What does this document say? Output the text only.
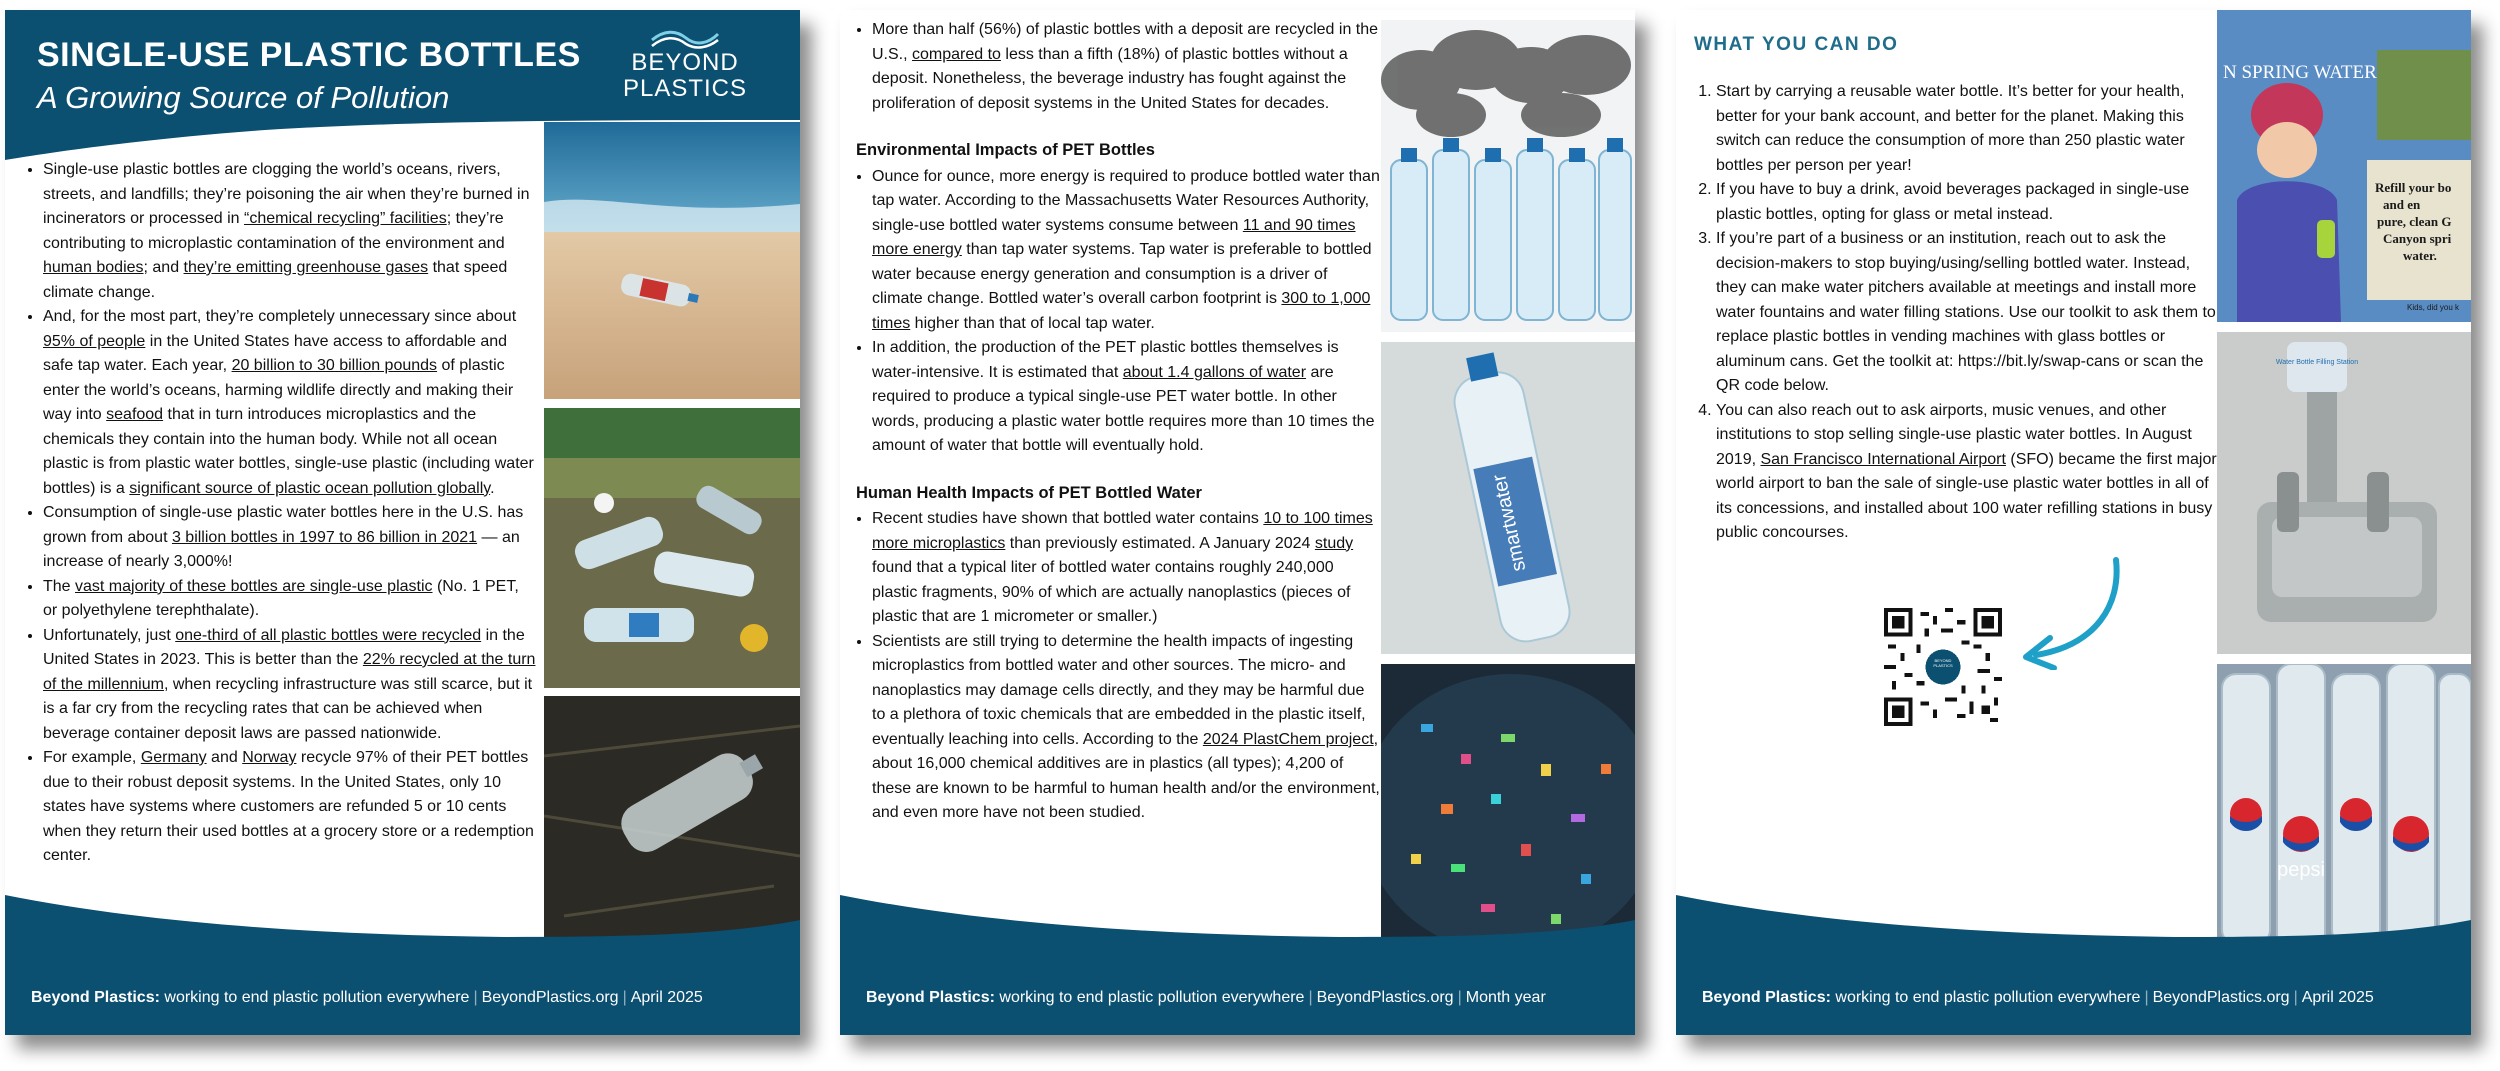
SINGLE-USE PLASTIC BOTTLES
A Growing Source of Pollution
BEYOND
PLASTICS
• Single-use plastic bottles are clogging the world’s oceans, rivers, streets, and landfills; they’re poisoning the air when they’re burned in incinerators or processed in “chemical recycling” facilities; they’re contributing to microplastic contamination of the environment and human bodies; and they’re emitting greenhouse gases that speed climate change.
• And, for the most part, they’re completely unnecessary since about 95% of people in the United States have access to affordable and safe tap water. Each year, 20 billion to 30 billion pounds of plastic enter the world’s oceans, harming wildlife directly and making their way into seafood that in turn introduces microplastics and the chemicals they contain into the human body. While not all ocean plastic is from plastic water bottles, single-use plastic (including water bottles) is a significant source of plastic ocean pollution globally.
• Consumption of single-use plastic water bottles here in the U.S. has grown from about 3 billion bottles in 1997 to 86 billion in 2021 — an increase of nearly 3,000%!
• The vast majority of these bottles are single-use plastic (No. 1 PET, or polyethylene terephthalate).
• Unfortunately, just one-third of all plastic bottles were recycled in the United States in 2023. This is better than the 22% recycled at the turn of the millennium, when recycling infrastructure was still scarce, but it is a far cry from the recycling rates that can be achieved when beverage container deposit laws are passed nationwide.
• For example, Germany and Norway recycle 97% of their PET bottles due to their robust deposit systems. In the United States, only 10 states have systems where customers are refunded 5 or 10 cents when they return their used bottles at a grocery store or a redemption center.
Beyond Plastics: working to end plastic pollution everywhere | BeyondPlastics.org | April 2025
• More than half (56%) of plastic bottles with a deposit are recycled in the U.S., compared to less than a fifth (18%) of plastic bottles without a deposit. Nonetheless, the beverage industry has fought against the proliferation of deposit systems in the United States for decades.
Environmental Impacts of PET Bottles
• Ounce for ounce, more energy is required to produce bottled water than tap water. According to the Massachusetts Water Resources Authority, single-use bottled water systems consume between 11 and 90 times more energy than tap water systems. Tap water is preferable to bottled water because energy generation and consumption is a driver of climate change. Bottled water’s overall carbon footprint is 300 to 1,000 times higher than that of local tap water.
• In addition, the production of the PET plastic bottles themselves is water-intensive. It is estimated that about 1.4 gallons of water are required to produce a typical single-use PET water bottle. In other words, producing a plastic water bottle requires more than 10 times the amount of water that bottle will eventually hold.
Human Health Impacts of PET Bottled Water
• Recent studies have shown that bottled water contains 10 to 100 times more microplastics than previously estimated. A January 2024 study found that a typical liter of bottled water contains roughly 240,000 plastic fragments, 90% of which are actually nanoplastics (pieces of plastic that are 1 micrometer or smaller.)
• Scientists are still trying to determine the health impacts of ingesting microplastics from bottled water and other sources. The micro- and nanoplastics may damage cells directly, and they may be harmful due to a plethora of toxic chemicals that are embedded in the plastic itself, eventually leaching into cells. According to the 2024 PlastChem project, about 16,000 chemical additives are in plastics (all types); 4,200 of these are known to be harmful to human health and/or the environment, and even more have not been studied.
smartwater
Beyond Plastics: working to end plastic pollution everywhere | BeyondPlastics.org | Month year
WHAT YOU CAN DO
1. Start by carrying a reusable water bottle. It’s better for your health, better for your bank account, and better for the planet. Making this switch can reduce the consumption of more than 250 plastic water bottles per person per year!
2. If you have to buy a drink, avoid beverages packaged in single-use plastic bottles, opting for glass or metal instead.
3. If you’re part of a business or an institution, reach out to ask the decision-makers to stop buying/using/selling bottled water. Instead, they can make water pitchers available at meetings and install more water fountains and water filling stations. Use our toolkit to ask them to replace plastic bottles in vending machines with glass bottles or aluminum cans. Get the toolkit at: https://bit.ly/swap-cans or scan the QR code below.
4. You can also reach out to ask airports, music venues, and other institutions to stop selling single-use plastic water bottles. In August 2019, San Francisco International Airport (SFO) became the first major world airport to ban the sale of single-use plastic water bottles in all of its concessions, and installed about 100 water refilling stations in busy public concourses.
BEYOND PLASTICS
N SPRING WATER
Refill your bo
and en
pure, clean G
Canyon spri
water.
Kids, did you k
Water Bottle Filling Station
pepsi
Beyond Plastics: working to end plastic pollution everywhere | BeyondPlastics.org | April 2025
